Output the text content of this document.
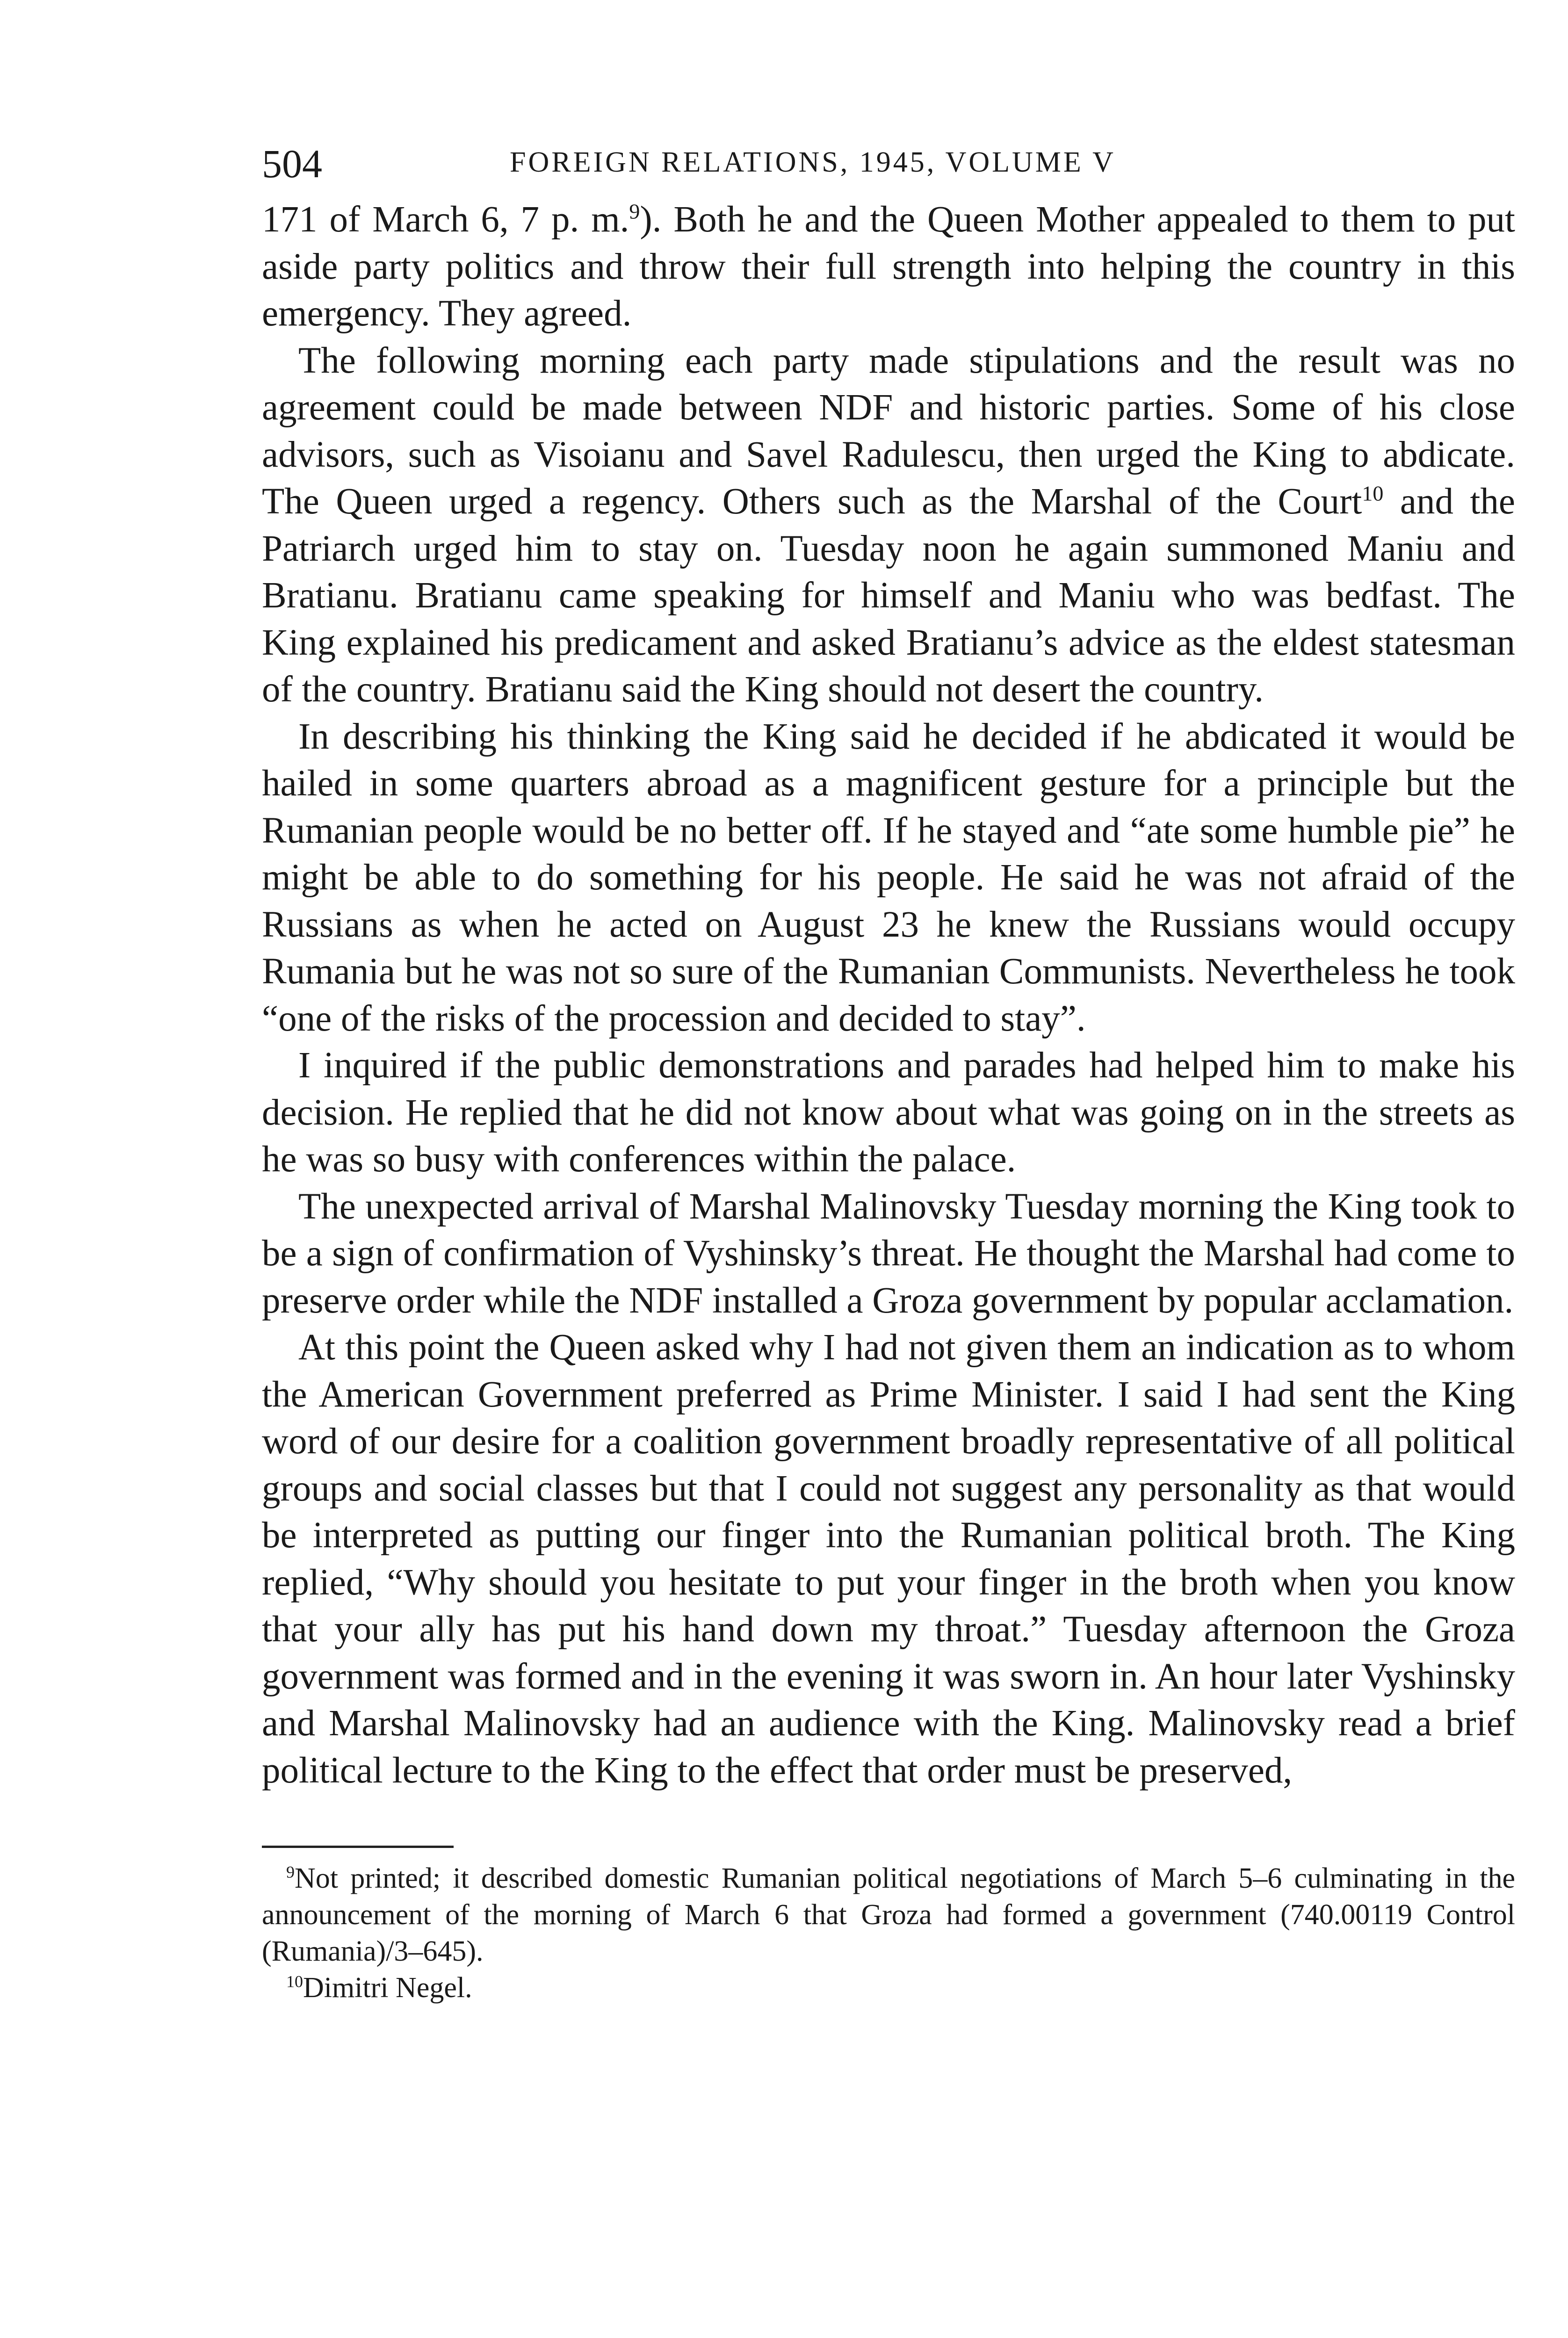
504	FOREIGN RELATIONS, 1945, VOLUME V

171 of March 6, 7 p. m.$^9$). Both he and the Queen Mother appealed to them to put aside party politics and throw their full strength into helping the country in this emergency. They agreed.

The following morning each party made stipulations and the result was no agreement could be made between NDF and historic parties. Some of his close advisors, such as Visoianu and Savel Radulescu, then urged the King to abdicate. The Queen urged a regency. Others such as the Marshal of the Court$^{10}$ and the Patriarch urged him to stay on. Tuesday noon he again summoned Maniu and Bratianu. Bratianu came speaking for himself and Maniu who was bedfast. The King explained his predicament and asked Bratianu’s advice as the eldest statesman of the country. Bratianu said the King should not desert the country.

In describing his thinking the King said he decided if he abdicated it would be hailed in some quarters abroad as a magnificent gesture for a principle but the Rumanian people would be no better off. If he stayed and “ate some humble pie” he might be able to do something for his people. He said he was not afraid of the Russians as when he acted on August 23 he knew the Russians would occupy Rumania but he was not so sure of the Rumanian Communists. Nevertheless he took “one of the risks of the procession and decided to stay”.

I inquired if the public demonstrations and parades had helped him to make his decision. He replied that he did not know about what was going on in the streets as he was so busy with conferences within the palace.

The unexpected arrival of Marshal Malinovsky Tuesday morning the King took to be a sign of confirmation of Vyshinsky’s threat. He thought the Marshal had come to preserve order while the NDF installed a Groza government by popular acclamation.

At this point the Queen asked why I had not given them an indication as to whom the American Government preferred as Prime Minister. I said I had sent the King word of our desire for a coalition government broadly representative of all political groups and social classes but that I could not suggest any personality as that would be interpreted as putting our finger into the Rumanian political broth. The King replied, “Why should you hesitate to put your finger in the broth when you know that your ally has put his hand down my throat.” Tuesday afternoon the Groza government was formed and in the evening it was sworn in. An hour later Vyshinsky and Marshal Malinovsky had an audience with the King. Malinovsky read a brief political lecture to the King to the effect that order must be preserved,

$^9$Not printed; it described domestic Rumanian political negotiations of March 5–6 culminating in the announcement of the morning of March 6 that Groza had formed a government (740.00119 Control (Rumania)/3–645).

$^{10}$Dimitri Negel.
